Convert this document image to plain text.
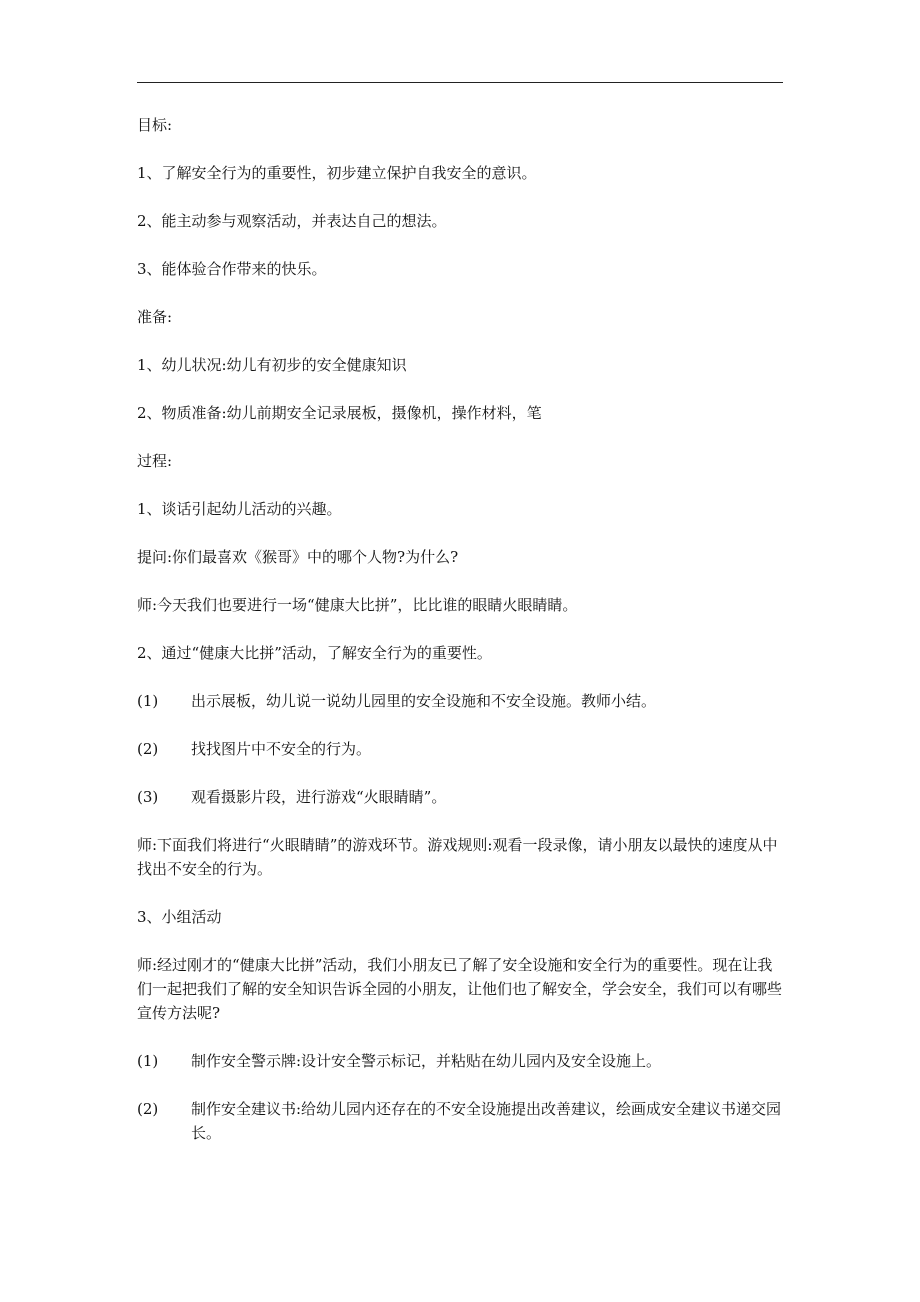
目标:

1、了解安全行为的重要性，初步建立保护自我安全的意识。

2、能主动参与观察活动，并表达自己的想法。

3、能体验合作带来的快乐。

准备:

1、幼儿状况:幼儿有初步的安全健康知识

2、物质准备:幼儿前期安全记录展板，摄像机，操作材料，笔

过程:

1、谈话引起幼儿活动的兴趣。

提问:你们最喜欢《猴哥》中的哪个人物?为什么?

师:今天我们也要进行一场“健康大比拼”，比比谁的眼睛火眼睛睛。

2、通过“健康大比拼”活动，了解安全行为的重要性。

(1)	出示展板，幼儿说一说幼儿园里的安全设施和不安全设施。教师小结。
(2)	找找图片中不安全的行为。
(3)	观看摄影片段，进行游戏“火眼睛睛”。

师:下面我们将进行“火眼睛睛”的游戏环节。游戏规则:观看一段录像，请小朋友以最快的速度从中找出不安全的行为。

3、小组活动

师:经过刚才的“健康大比拼”活动，我们小朋友已了解了安全设施和安全行为的重要性。现在让我们一起把我们了解的安全知识告诉全园的小朋友，让他们也了解安全，学会安全，我们可以有哪些宣传方法呢?

(1)	制作安全警示牌:设计安全警示标记，并粘贴在幼儿园内及安全设施上。
(2)	制作安全建议书:给幼儿园内还存在的不安全设施提出改善建议，绘画成安全建议书递交园长。
